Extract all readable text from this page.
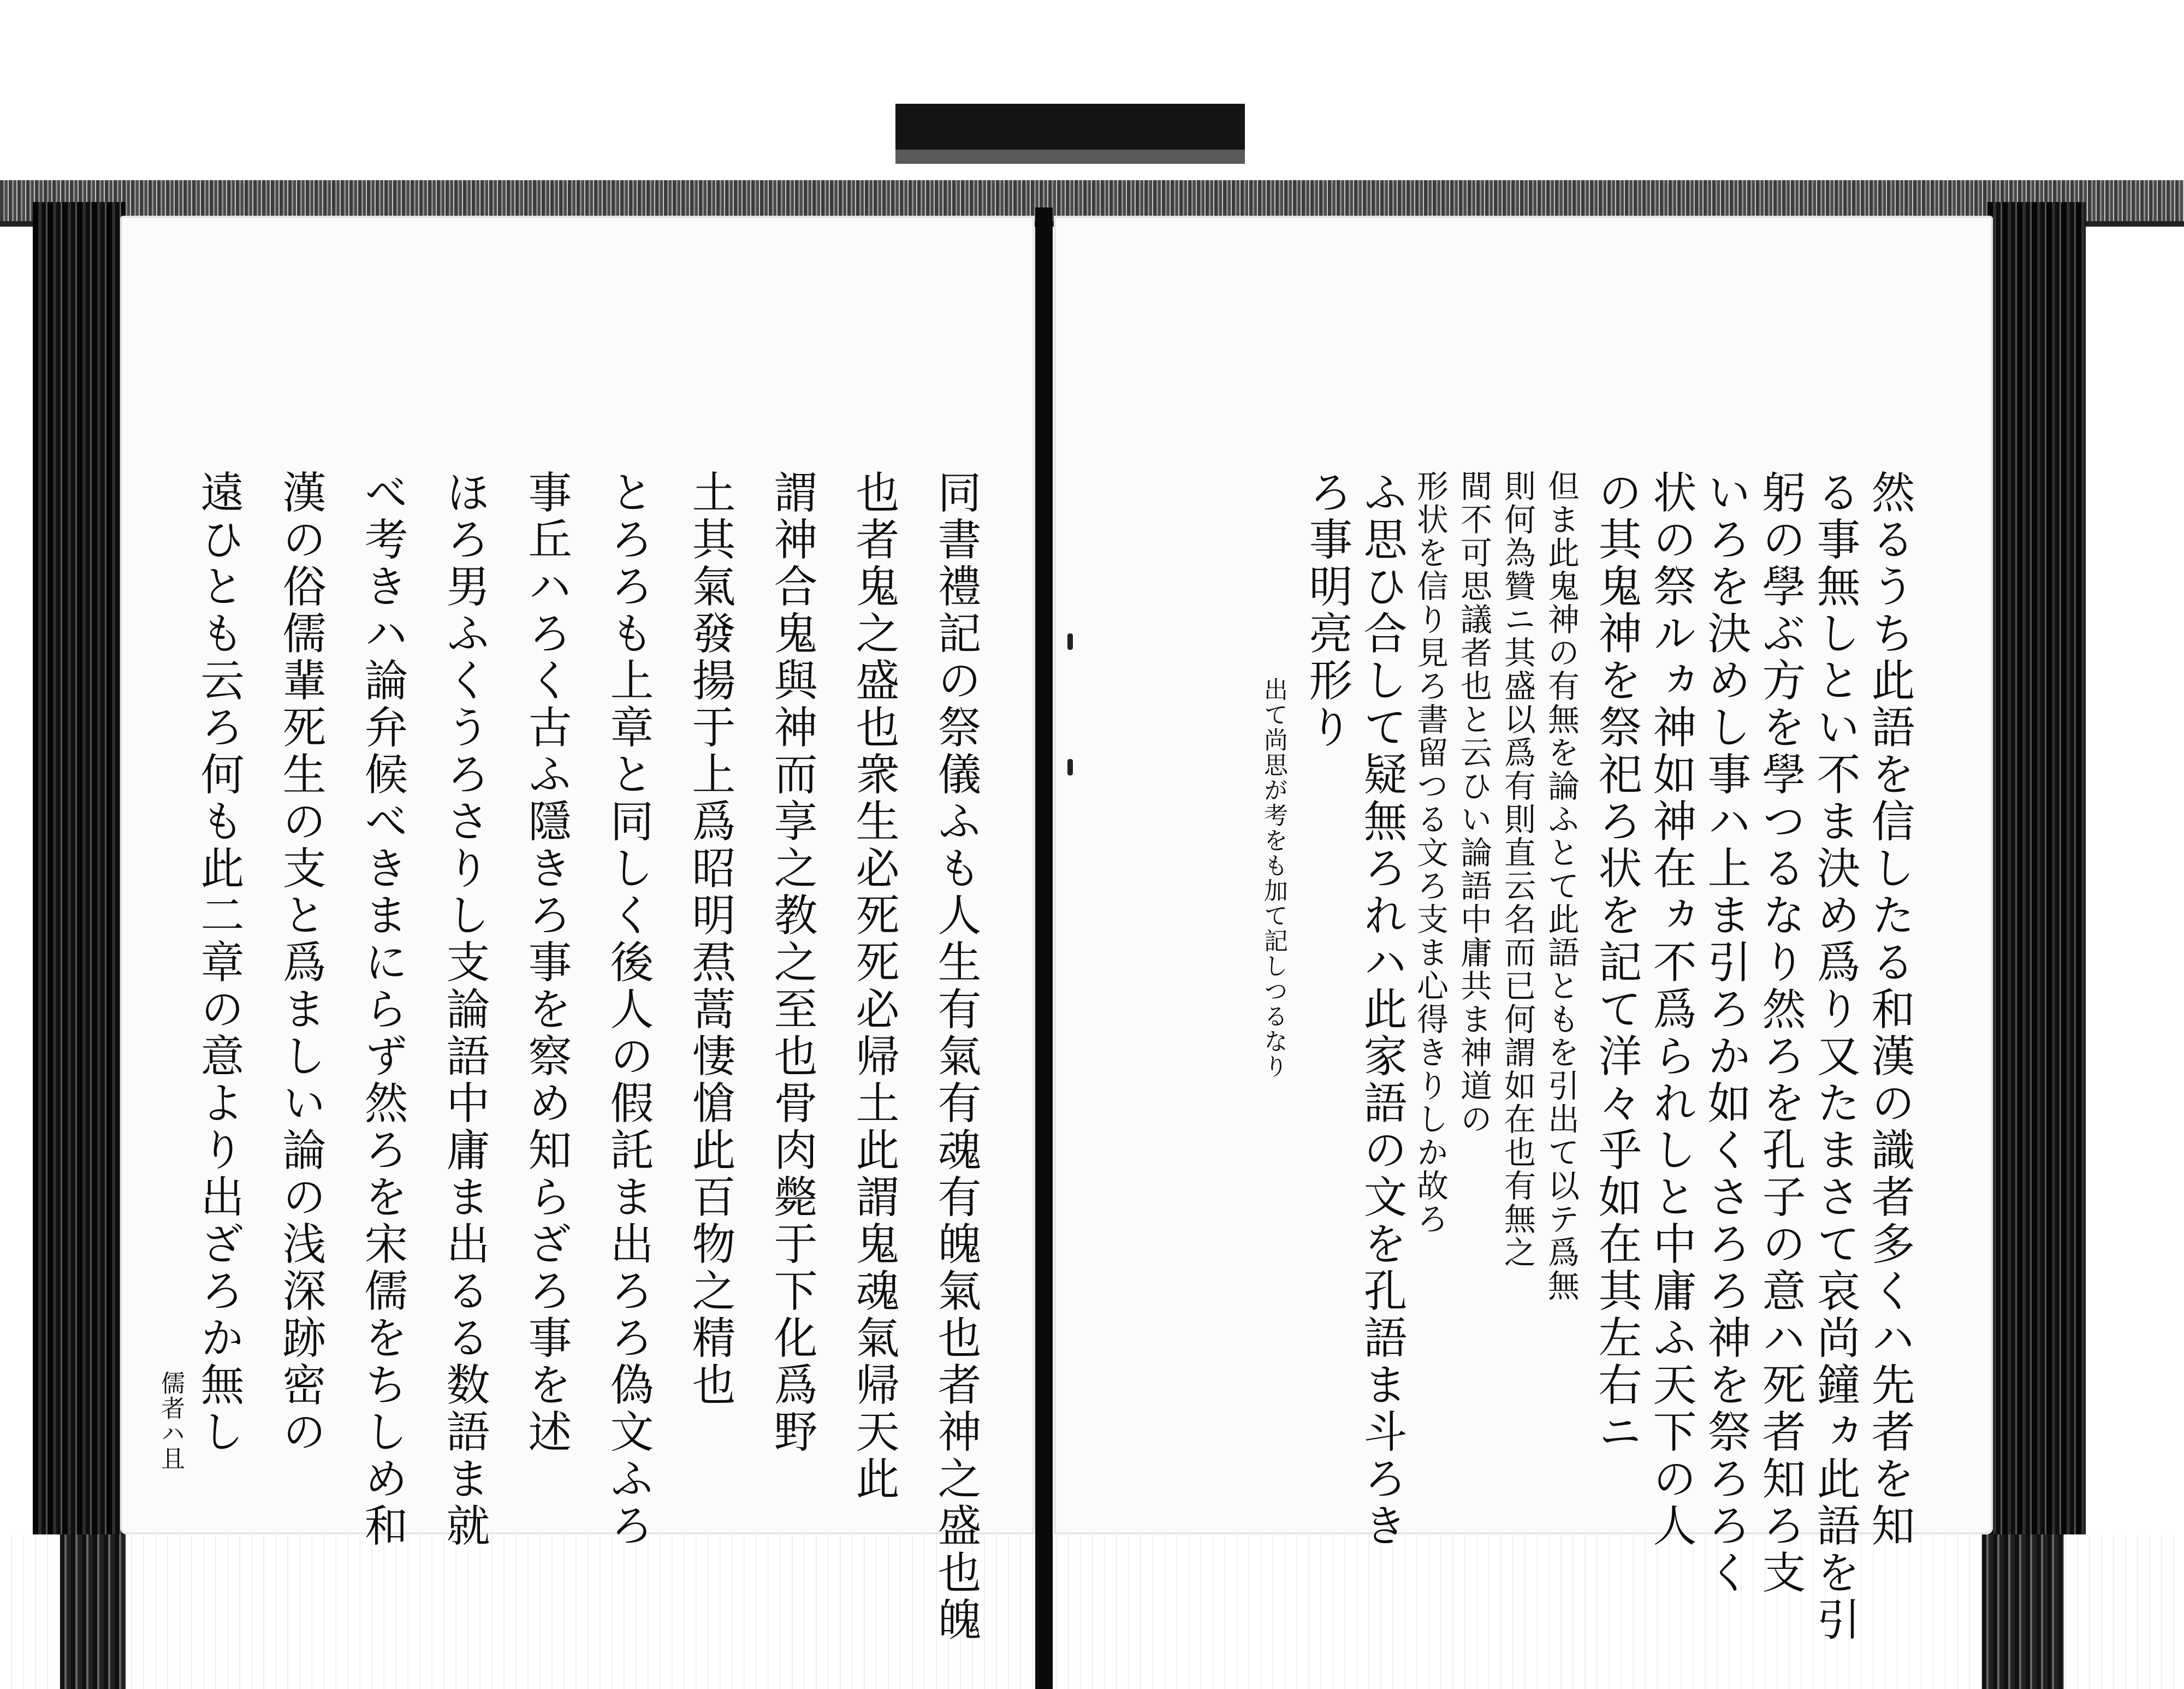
然るうち此語を信したる和漢の識者多くハ先者を知
る事無しとい不ま決め爲り又たまさて哀尚鐘ヵ此語を引
躬の學ぶ方を學つるなり然ろを孔子の意ハ死者知ろ支
いろを決めし事ハ上ま引ろか如くさろろ神を祭ろろく
状の祭ルヵ神如神在ヵ不爲られしと中庸ふ天下の人
の其鬼神を祭祀ろ状を記て洋々乎如在其左右ニ
但ま此鬼神の有無を論ふとて此語ともを引出て以テ爲無
則何為贊ニ其盛以爲有則直云名而已何謂如在也有無之
間不可思議者也と云ひい論語中庸共ま神道の
形状を信り見ろ書留つる文ろ支ま心得きりしか故ろ
ふ思ひ合して疑無ろれハ此家語の文を孔語ま斗ろき
ろ事明亮形り
出て尚思が考をも加て記しつるなり
同書禮記の祭儀ふも人生有氣有魂有魄氣也者神之盛也魄
也者鬼之盛也衆生必死死必帰土此謂鬼魂氣帰天此
謂神合鬼與神而享之教之至也骨肉斃于下化爲野
土其氣發揚于上爲昭明焄蒿悽愴此百物之精也
とろろも上章と同しく後人の假託ま出ろろ偽文ふろ
事丘ハろく古ふ隱きろ事を察め知らざろ事を述
ほろ男ふくうろさりし支論語中庸ま出るる数語ま就
べ考きハ論弁候べきまにらず然ろを宋儒をちしめ和
漢の俗儒輩死生の支と爲ましい論の浅深跡密の
遠ひとも云ろ何も此二章の意より出ざろか無し
儒者ハ且
